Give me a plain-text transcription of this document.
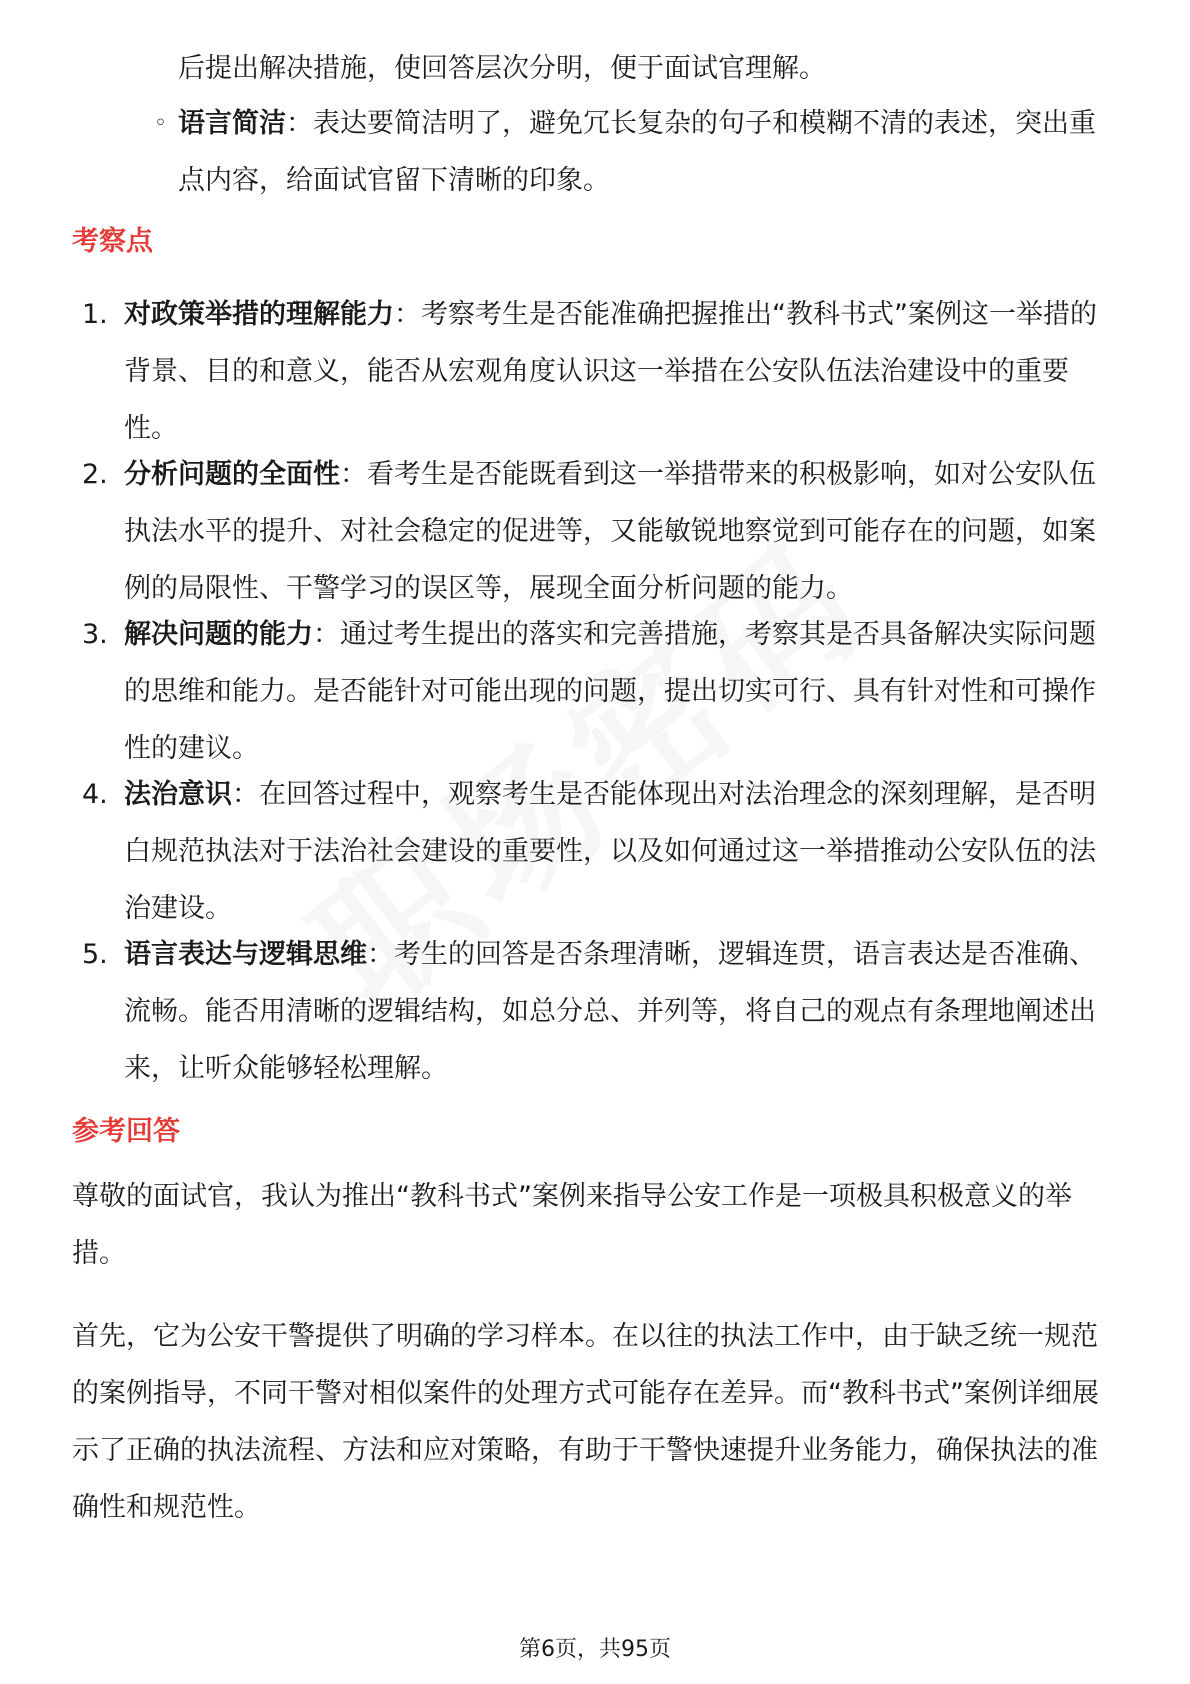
后提出解决措施，使回答层次分明，便于面试官理解。

◦ 语言简洁：表达要简洁明了，避免冗长复杂的句子和模糊不清的表述，突出重点内容，给面试官留下清晰的印象。

考察点

1. 对政策举措的理解能力：考察考生是否能准确把握推出“教科书式”案例这一举措的背景、目的和意义，能否从宏观角度认识这一举措在公安队伍法治建设中的重要性。

2. 分析问题的全面性：看考生是否能既看到这一举措带来的积极影响，如对公安队伍执法水平的提升、对社会稳定的促进等，又能敏锐地察觉到可能存在的问题，如案例的局限性、干警学习的误区等，展现全面分析问题的能力。

3. 解决问题的能力：通过考生提出的落实和完善措施，考察其是否具备解决实际问题的思维和能力。是否能针对可能出现的问题，提出切实可行、具有针对性和可操作性的建议。

4. 法治意识：在回答过程中，观察考生是否能体现出对法治理念的深刻理解，是否明白规范执法对于法治社会建设的重要性，以及如何通过这一举措推动公安队伍的法治建设。

5. 语言表达与逻辑思维：考生的回答是否条理清晰，逻辑连贯，语言表达是否准确、流畅。能否用清晰的逻辑结构，如总分总、并列等，将自己的观点有条理地阐述出来，让听众能够轻松理解。

参考回答

尊敬的面试官，我认为推出“教科书式”案例来指导公安工作是一项极具积极意义的举措。

首先，它为公安干警提供了明确的学习样本。在以往的执法工作中，由于缺乏统一规范的案例指导，不同干警对相似案件的处理方式可能存在差异。而“教科书式”案例详细展示了正确的执法流程、方法和应对策略，有助于干警快速提升业务能力，确保执法的准确性和规范性。

第6页，共95页
